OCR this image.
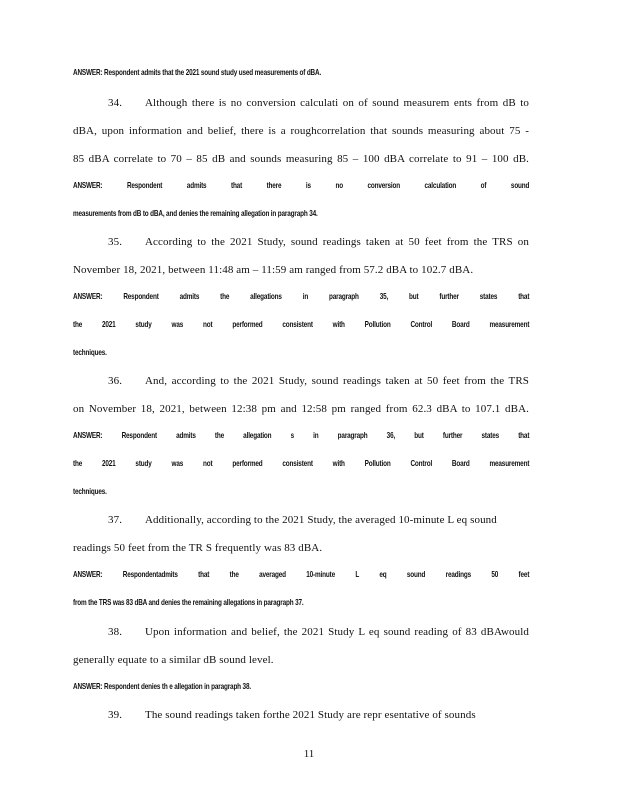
ANSWER: Respondent admits that the 2021 sound study used measurements of dBA.
34. Although there is no conversion calculati on of sound measurem ents from dB to
dBA, upon information and belief, there is a roughcorrelation that sounds measuring about 75 -
85 dBA correlate to 70 – 85 dB and sounds measuring 85 – 100 dBA correlate to 91 – 100 dB.
ANSWER: Respondent admits that there is no conversion calculation of sound
measurements from dB to dBA, and denies the remaining allegation in paragraph 34.
35. According to the 2021 Study, sound readings taken at 50 feet from the TRS on
November 18, 2021, between 11:48 am – 11:59 am ranged from 57.2 dBA to 102.7 dBA.
ANSWER: Respondent admits the allegations in paragraph 35, but further states that
the 2021 study was not performed consistent with Pollution Control Board measurement
techniques.
36. And, according to the 2021 Study, sound readings taken at 50 feet from the TRS
on November 18, 2021, between 12:38 pm and 12:58 pm ranged from 62.3 dBA to 107.1 dBA.
ANSWER: Respondent admits the allegation s in paragraph 36, but further states that
the 2021 study was not performed consistent with Pollution Control Board measurement
techniques.
37. Additionally, according to the 2021 Study, the averaged 10-minute L eq sound
readings 50 feet from the TR S frequently was 83 dBA.
ANSWER: Respondentadmits that the averaged 10-minute L eq sound readings 50 feet
from the TRS was 83 dBA and denies the remaining allegations in paragraph 37.
38. Upon information and belief, the 2021 Study L eq sound reading of 83 dBAwould
generally equate to a similar dB sound level.
ANSWER: Respondent denies th e allegation in paragraph 38.
39. The sound readings taken forthe 2021 Study are repr esentative of sounds
11
